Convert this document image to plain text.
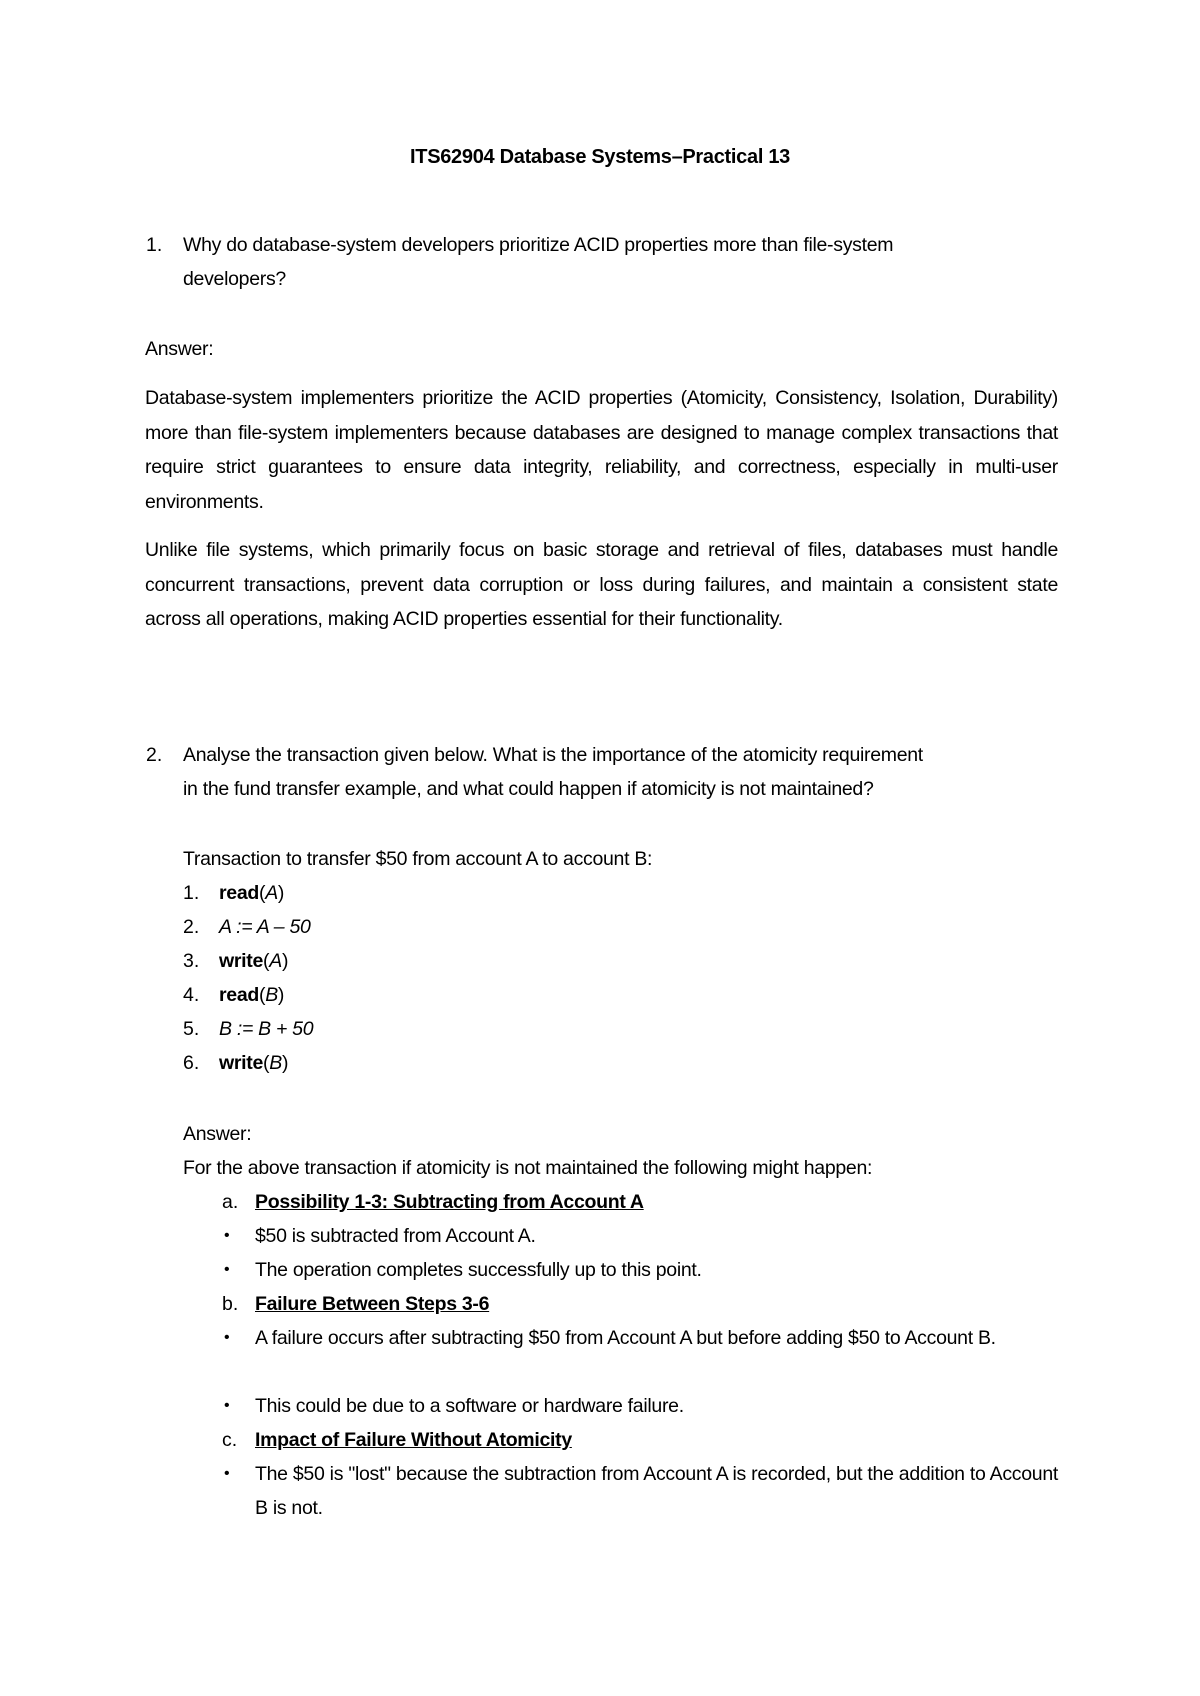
ITS62904 Database Systems–Practical 13
1. Why do database-system developers prioritize ACID properties more than file-system
developers?
Answer:
Database-system implementers prioritize the ACID properties (Atomicity, Consistency, Isolation, Durability) more than file-system implementers because databases are designed to manage complex transactions that require strict guarantees to ensure data integrity, reliability, and correctness, especially in multi-user environments.
Unlike file systems, which primarily focus on basic storage and retrieval of files, databases must handle concurrent transactions, prevent data corruption or loss during failures, and maintain a consistent state across all operations, making ACID properties essential for their functionality.
2. Analyse the transaction given below. What is the importance of the atomicity requirement
in the fund transfer example, and what could happen if atomicity is not maintained?
Transaction to transfer $50 from account A to account B:
1. read(A)
2. A := A – 50
3. write(A)
4. read(B)
5. B := B + 50
6. write(B)
Answer:
For the above transaction if atomicity is not maintained the following might happen:
a. Possibility 1-3: Subtracting from Account A
• $50 is subtracted from Account A.
• The operation completes successfully up to this point.
b. Failure Between Steps 3-6
• A failure occurs after subtracting $50 from Account A but before adding $50 to Account B.
• This could be due to a software or hardware failure.
c. Impact of Failure Without Atomicity
• The $50 is "lost" because the subtraction from Account A is recorded, but the addition to Account B is not.
